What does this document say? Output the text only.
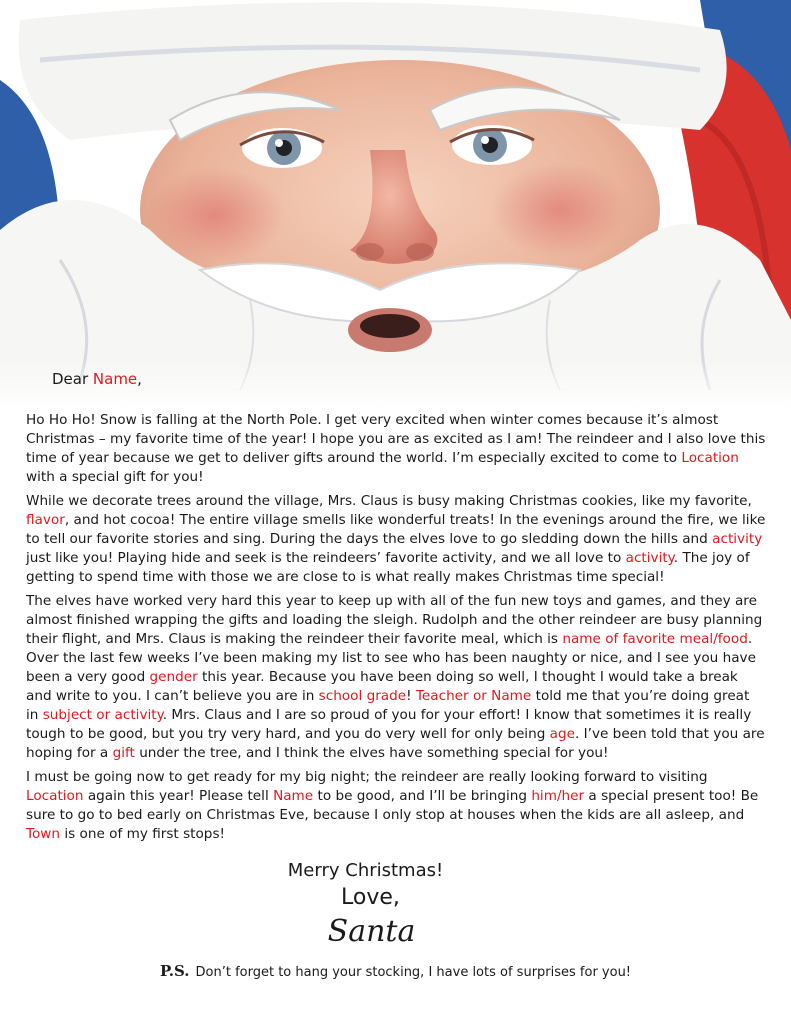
Dear Name,

Ho Ho Ho! Snow is falling at the North Pole. I get very excited when winter comes because it’s almost Christmas – my favorite time of the year! I hope you are as excited as I am! The reindeer and I also love this time of year because we get to deliver gifts around the world. I’m especially excited to come to Location with a special gift for you!

While we decorate trees around the village, Mrs. Claus is busy making Christmas cookies, like my favorite, flavor, and hot cocoa! The entire village smells like wonderful treats! In the evenings around the fire, we like to tell our favorite stories and sing. During the days the elves love to go sledding down the hills and activity just like you! Playing hide and seek is the reindeers’ favorite activity, and we all love to activity. The joy of getting to spend time with those we are close to is what really makes Christmas time special!

The elves have worked very hard this year to keep up with all of the fun new toys and games, and they are almost finished wrapping the gifts and loading the sleigh. Rudolph and the other reindeer are busy planning their flight, and Mrs. Claus is making the reindeer their favorite meal, which is name of favorite meal/food. Over the last few weeks I’ve been making my list to see who has been naughty or nice, and I see you have been a very good gender this year. Because you have been doing so well, I thought I would take a break and write to you. I can’t believe you are in school grade! Teacher or Name told me that you’re doing great in subject or activity. Mrs. Claus and I are so proud of you for your effort! I know that sometimes it is really tough to be good, but you try very hard, and you do very well for only being age. I’ve been told that you are hoping for a gift under the tree, and I think the elves have something special for you!

I must be going now to get ready for my big night; the reindeer are really looking forward to visiting Location again this year! Please tell Name to be good, and I’ll be bringing him/her a special present too! Be sure to go to bed early on Christmas Eve, because I only stop at houses when the kids are all asleep, and Town is one of my first stops!

Merry Christmas!
Love,
Santa
P.S. Don’t forget to hang your stocking, I have lots of surprises for you!
